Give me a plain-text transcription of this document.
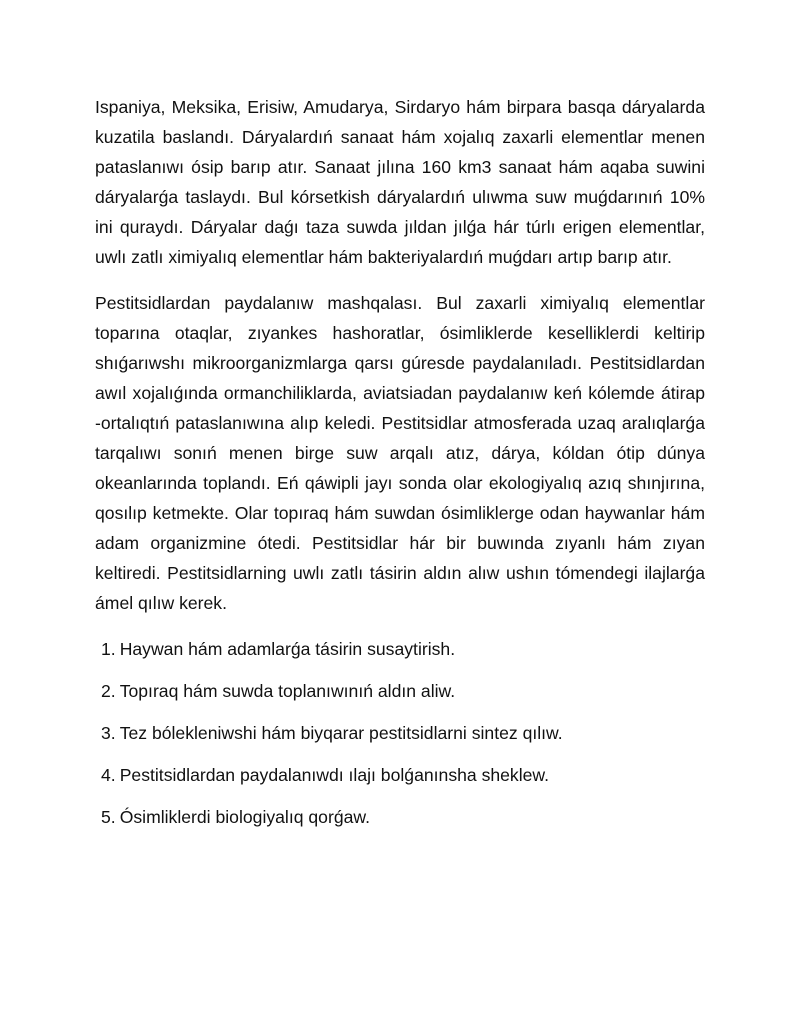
Ispaniya, Meksika, Erisiw, Amudarya, Sirdaryo hám birpara basqa dáryalarda kuzatila baslandı. Dáryalardıń sanaat hám xojalıq zaxarli elementlar menen pataslanıwı ósip barıp atır. Sanaat jılına 160 km3 sanaat hám aqaba suwini dáryalarǵa taslaydı. Bul kórsetkish dáryalardıń ulıwma suw muǵdarınıń 10% ini quraydı. Dáryalar daǵı taza suwda jıldan jılǵa hár túrlı erigen elementlar, uwlı zatlı ximiyalıq elementlar hám bakteriyalardıń muǵdarı artıp barıp atır.

Pestitsidlardan paydalanıw mashqalası. Bul zaxarli ximiyalıq elementlar toparına otaqlar, zıyankes hashoratlar, ósimliklerde keselliklerdi keltirip shıǵarıwshı mikroorganizmlarga qarsı gúresde paydalanıladı. Pestitsidlardan awıl xojalıǵında ormanchiliklarda, aviatsiadan paydalanıw keń kólemde átirap -ortalıqtıń pataslanıwına alıp keledi. Pestitsidlar atmosferada uzaq aralıqlarǵa tarqalıwı sonıń menen birge suw arqalı atız, dárya, kóldan ótip dúnya okeanlarında toplandı. Eń qáwipli jayı sonda olar ekologiyalıq azıq shınjırına, qosılıp ketmekte. Olar topıraq hám suwdan ósimliklerge odan haywanlar hám adam organizmine ótedi. Pestitsidlar hár bir buwında zıyanlı hám zıyan keltiredi. Pestitsidlarning uwlı zatlı tásirin aldın alıw ushın tómendegi ilajlarǵa ámel qılıw kerek.

1. Haywan hám adamlarǵa tásirin susaytirish.
2. Topıraq hám suwda toplanıwınıń aldın aliw.
3. Tez bólekleniwshi hám biyqarar pestitsidlarni sintez qılıw.
4. Pestitsidlardan paydalanıwdı ılajı bolǵanınsha sheklew.
5. Ósimliklerdi biologiyalıq qorǵaw.
